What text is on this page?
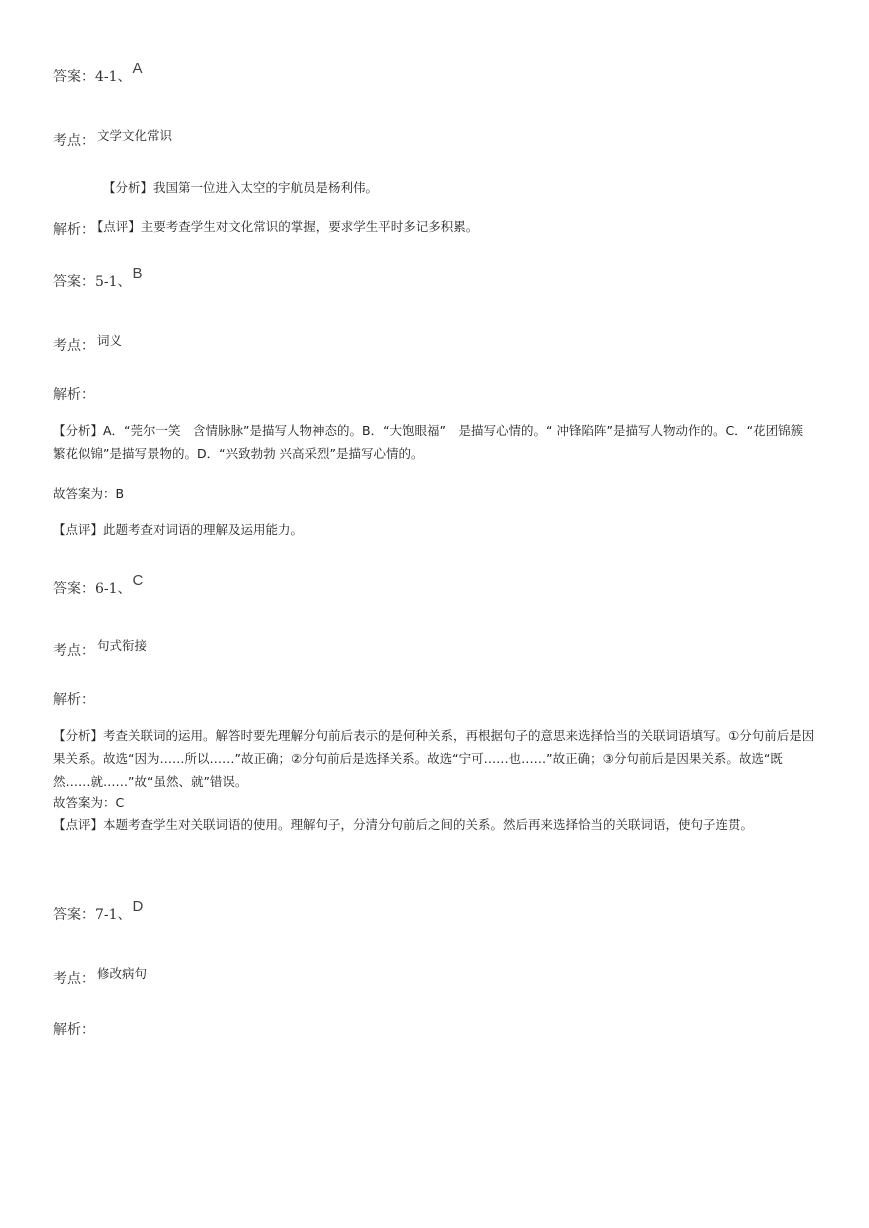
答案：4-1、A
考点： $^{文学文化常识}$
【分析】我国第一位进入太空的宇航员是杨利伟。
解析： 【点评】主要考查学生对文化常识的掌握，要求学生平时多记多积累。
答案：5-1、B
考点： $^{词义}$
解析：

【分析】A．“莞尔一笑　含情脉脉”是描写人物神态的。B．“大饱眼福”　是描写心情的。“ 冲锋陷阵”是描写人物动作的。C．“花团锦簇　繁花似锦”是描写景物的。D．“兴致勃勃 兴高采烈”是描写心情的。

故答案为：B

【点评】此题考查对词语的理解及运用能力。

答案：6-1、C
考点： $^{句式衔接}$
解析：

【分析】考查关联词的运用。解答时要先理解分句前后表示的是何种关系，再根据句子的意思来选择恰当的关联词语填写。①分句前后是因果关系。故选“因为……所以……”故正确；②分句前后是选择关系。故选“宁可……也……”故正确；③分句前后是因果关系。故选“既然……就……”故“虽然、就”错误。

故答案为：C

【点评】本题考查学生对关联词语的使用。理解句子，分清分句前后之间的关系。然后再来选择恰当的关联词语，使句子连贯。

答案：7-1、D
考点： $^{修改病句}$
解析：
